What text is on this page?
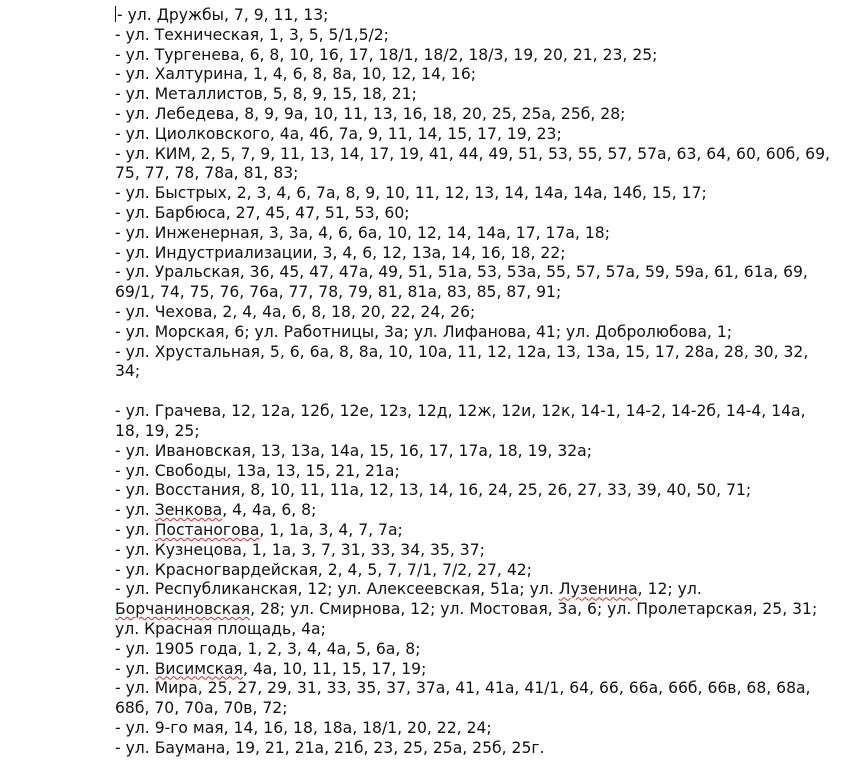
- ул. Дружбы, 7, 9, 11, 13;
- ул. Техническая, 1, 3, 5, 5/1,5/2;
- ул. Тургенева, 6, 8, 10, 16, 17, 18/1, 18/2, 18/3, 19, 20, 21, 23, 25;
- ул. Халтурина, 1, 4, 6, 8, 8а, 10, 12, 14, 16;
- ул. Металлистов, 5, 8, 9, 15, 18, 21;
- ул. Лебедева, 8, 9, 9а, 10, 11, 13, 16, 18, 20, 25, 25а, 25б, 28;
- ул. Циолковского, 4а, 4б, 7а, 9, 11, 14, 15, 17, 19, 23;
- ул. КИМ, 2, 5, 7, 9, 11, 13, 14, 17, 19, 41, 44, 49, 51, 53, 55, 57, 57а, 63, 64, 60, 60б, 69, 75, 77, 78, 78а, 81, 83;
- ул. Быстрых, 2, 3, 4, 6, 7а, 8, 9, 10, 11, 12, 13, 14, 14а, 14а, 14б, 15, 17;
- ул. Барбюса, 27, 45, 47, 51, 53, 60;
- ул. Инженерная, 3, 3а, 4, 6, 6а, 10, 12, 14, 14а, 17, 17а, 18;
- ул. Индустриализации, 3, 4, 6, 12, 13а, 14, 16, 18, 22;
- ул. Уральская, 36, 45, 47, 47а, 49, 51, 51а, 53, 53а, 55, 57, 57а, 59, 59а, 61, 61а, 69, 69/1, 74, 75, 76, 76а, 77, 78, 79, 81, 81а, 83, 85, 87, 91;
- ул. Чехова, 2, 4, 4а, 6, 8, 18, 20, 22, 24, 26;
- ул. Морская, 6; ул. Работницы, 3а; ул. Лифанова, 41; ул. Добролюбова, 1;
- ул. Хрустальная, 5, 6, 6а, 8, 8а, 10, 10а, 11, 12, 12а, 13, 13а, 15, 17, 28а, 28, 30, 32, 34;
- ул. Грачева, 12, 12а, 12б, 12е, 12з, 12д, 12ж, 12и, 12к, 14-1, 14-2, 14-2б, 14-4, 14а, 18, 19, 25;
- ул. Ивановская, 13, 13а, 14а, 15, 16, 17, 17а, 18, 19, 32а;
- ул. Свободы, 13а, 13, 15, 21, 21а;
- ул. Восстания, 8, 10, 11, 11а, 12, 13, 14, 16, 24, 25, 26, 27, 33, 39, 40, 50, 71;
- ул. Зенкова, 4, 4а, 6, 8;
- ул. Постаногова, 1, 1а, 3, 4, 7, 7а;
- ул. Кузнецова, 1, 1а, 3, 7, 31, 33, 34, 35, 37;
- ул. Красногвардейская, 2, 4, 5, 7, 7/1, 7/2, 27, 42;
- ул. Республиканская, 12; ул. Алексеевская, 51а; ул. Лузенина, 12; ул. Борчаниновская, 28; ул. Смирнова, 12; ул. Мостовая, 3а, 6; ул. Пролетарская, 25, 31; ул. Красная площадь, 4а;
- ул. 1905 года, 1, 2, 3, 4, 4а, 5, 6а, 8;
- ул. Висимская, 4а, 10, 11, 15, 17, 19;
- ул. Мира, 25, 27, 29, 31, 33, 35, 37, 37а, 41, 41а, 41/1, 64, 66, 66а, 66б, 66в, 68, 68а, 68б, 70, 70а, 70в, 72;
- ул. 9-го мая, 14, 16, 18, 18а, 18/1, 20, 22, 24;
- ул. Баумана, 19, 21, 21а, 21б, 23, 25, 25а, 25б, 25г.
